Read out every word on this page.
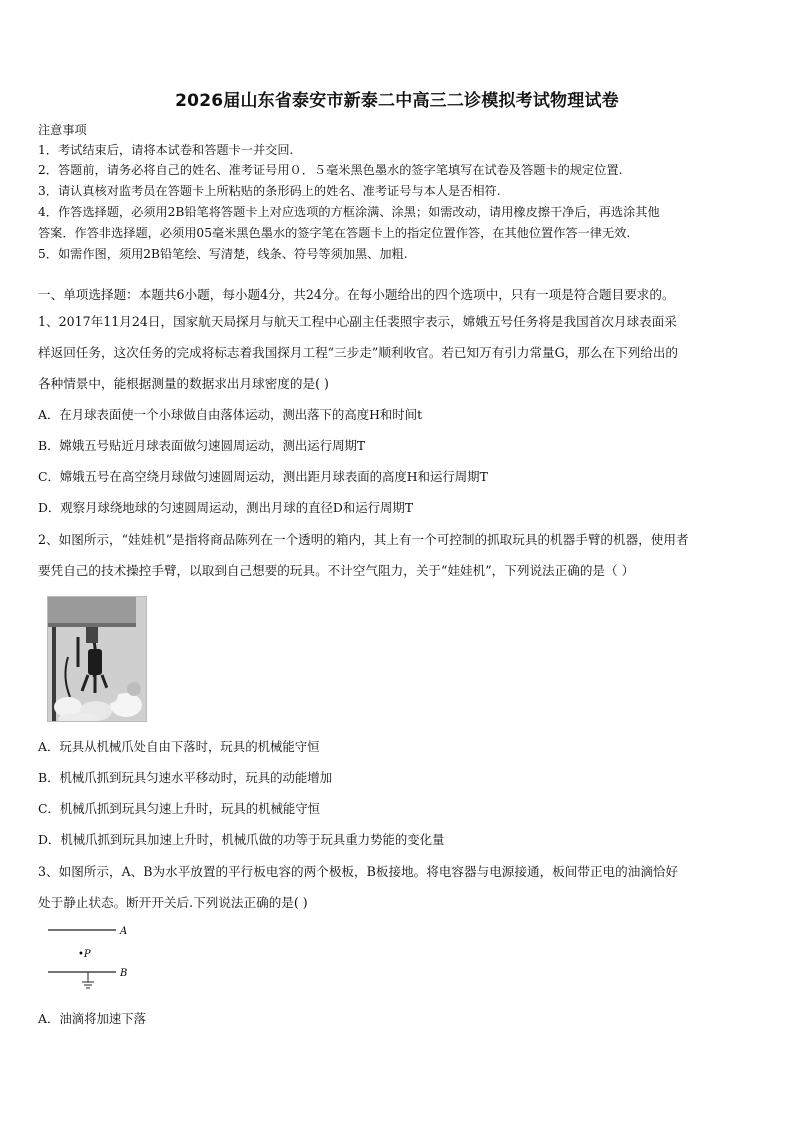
2026届山东省泰安市新泰二中高三二诊模拟考试物理试卷
注意事项
1．考试结束后，请将本试卷和答题卡一并交回.
2．答题前，请务必将自己的姓名、准考证号用０．５毫米黑色墨水的签字笔填写在试卷及答题卡的规定位置.
3．请认真核对监考员在答题卡上所粘贴的条形码上的姓名、准考证号与本人是否相符.
4．作答选择题，必须用2B铅笔将答题卡上对应选项的方框涂满、涂黑；如需改动，请用橡皮擦干净后，再选涂其他
答案．作答非选择题，必须用05毫米黑色墨水的签字笔在答题卡上的指定位置作答，在其他位置作答一律无效.
5．如需作图，须用2B铅笔绘、写清楚，线条、符号等须加黑、加粗.
一、单项选择题：本题共6小题，每小题4分，共24分。在每小题给出的四个选项中，只有一项是符合题目要求的。
1、2017年11月24日，国家航天局探月与航天工程中心副主任裴照宇表示，嫦娥五号任务将是我国首次月球表面采
样返回任务，这次任务的完成将标志着我国探月工程“三步走”顺利收官。若已知万有引力常量G，那么在下列给出的
各种情景中，能根据测量的数据求出月球密度的是( )
A．在月球表面使一个小球做自由落体运动，测出落下的高度H和时间t
B．嫦娥五号贴近月球表面做匀速圆周运动，测出运行周期T
C．嫦娥五号在高空绕月球做匀速圆周运动，测出距月球表面的高度H和运行周期T
D．观察月球绕地球的匀速圆周运动，测出月球的直径D和运行周期T
2、如图所示，“娃娃机”是指将商品陈列在一个透明的箱内，其上有一个可控制的抓取玩具的机器手臂的机器，使用者
要凭自己的技术操控手臂，以取到自己想要的玩具。不计空气阻力，关于“娃娃机”，下列说法正确的是（ ）
A．玩具从机械爪处自由下落时，玩具的机械能守恒
B．机械爪抓到玩具匀速水平移动时，玩具的动能增加
C．机械爪抓到玩具匀速上升时，玩具的机械能守恒
D．机械爪抓到玩具加速上升时，机械爪做的功等于玩具重力势能的变化量
3、如图所示，A、B为水平放置的平行板电容的两个极板，B板接地。将电容器与电源接通，板间带正电的油滴恰好
处于静止状态。断开开关后.下列说法正确的是( )
A
•P
B
A．油滴将加速下落
